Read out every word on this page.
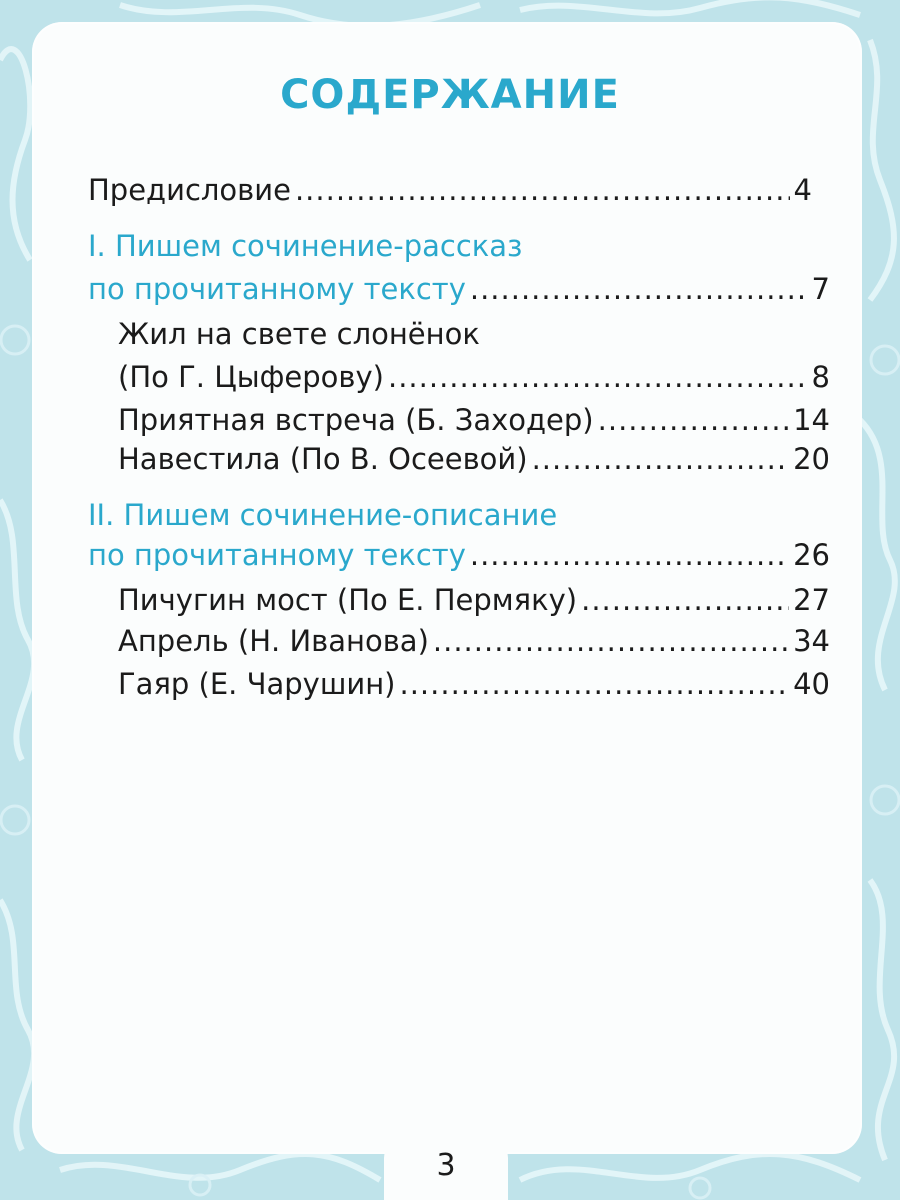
СОДЕРЖАНИЕ
Предисловие .....	4
I. Пишем сочинение-рассказ
по прочитанному тексту .....	7
Жил на свете слонёнок
(По Г. Цыферову) .....	8
Приятная встреча (Б. Заходер) .....	14
Навестила (По В. Осеевой) .....	20
II. Пишем сочинение-описание
по прочитанному тексту .....	26
Пичугин мост (По Е. Пермяку) .....	27
Апрель (Н. Иванова) .....	34
Гаяр (Е. Чарушин) .....	40
3
